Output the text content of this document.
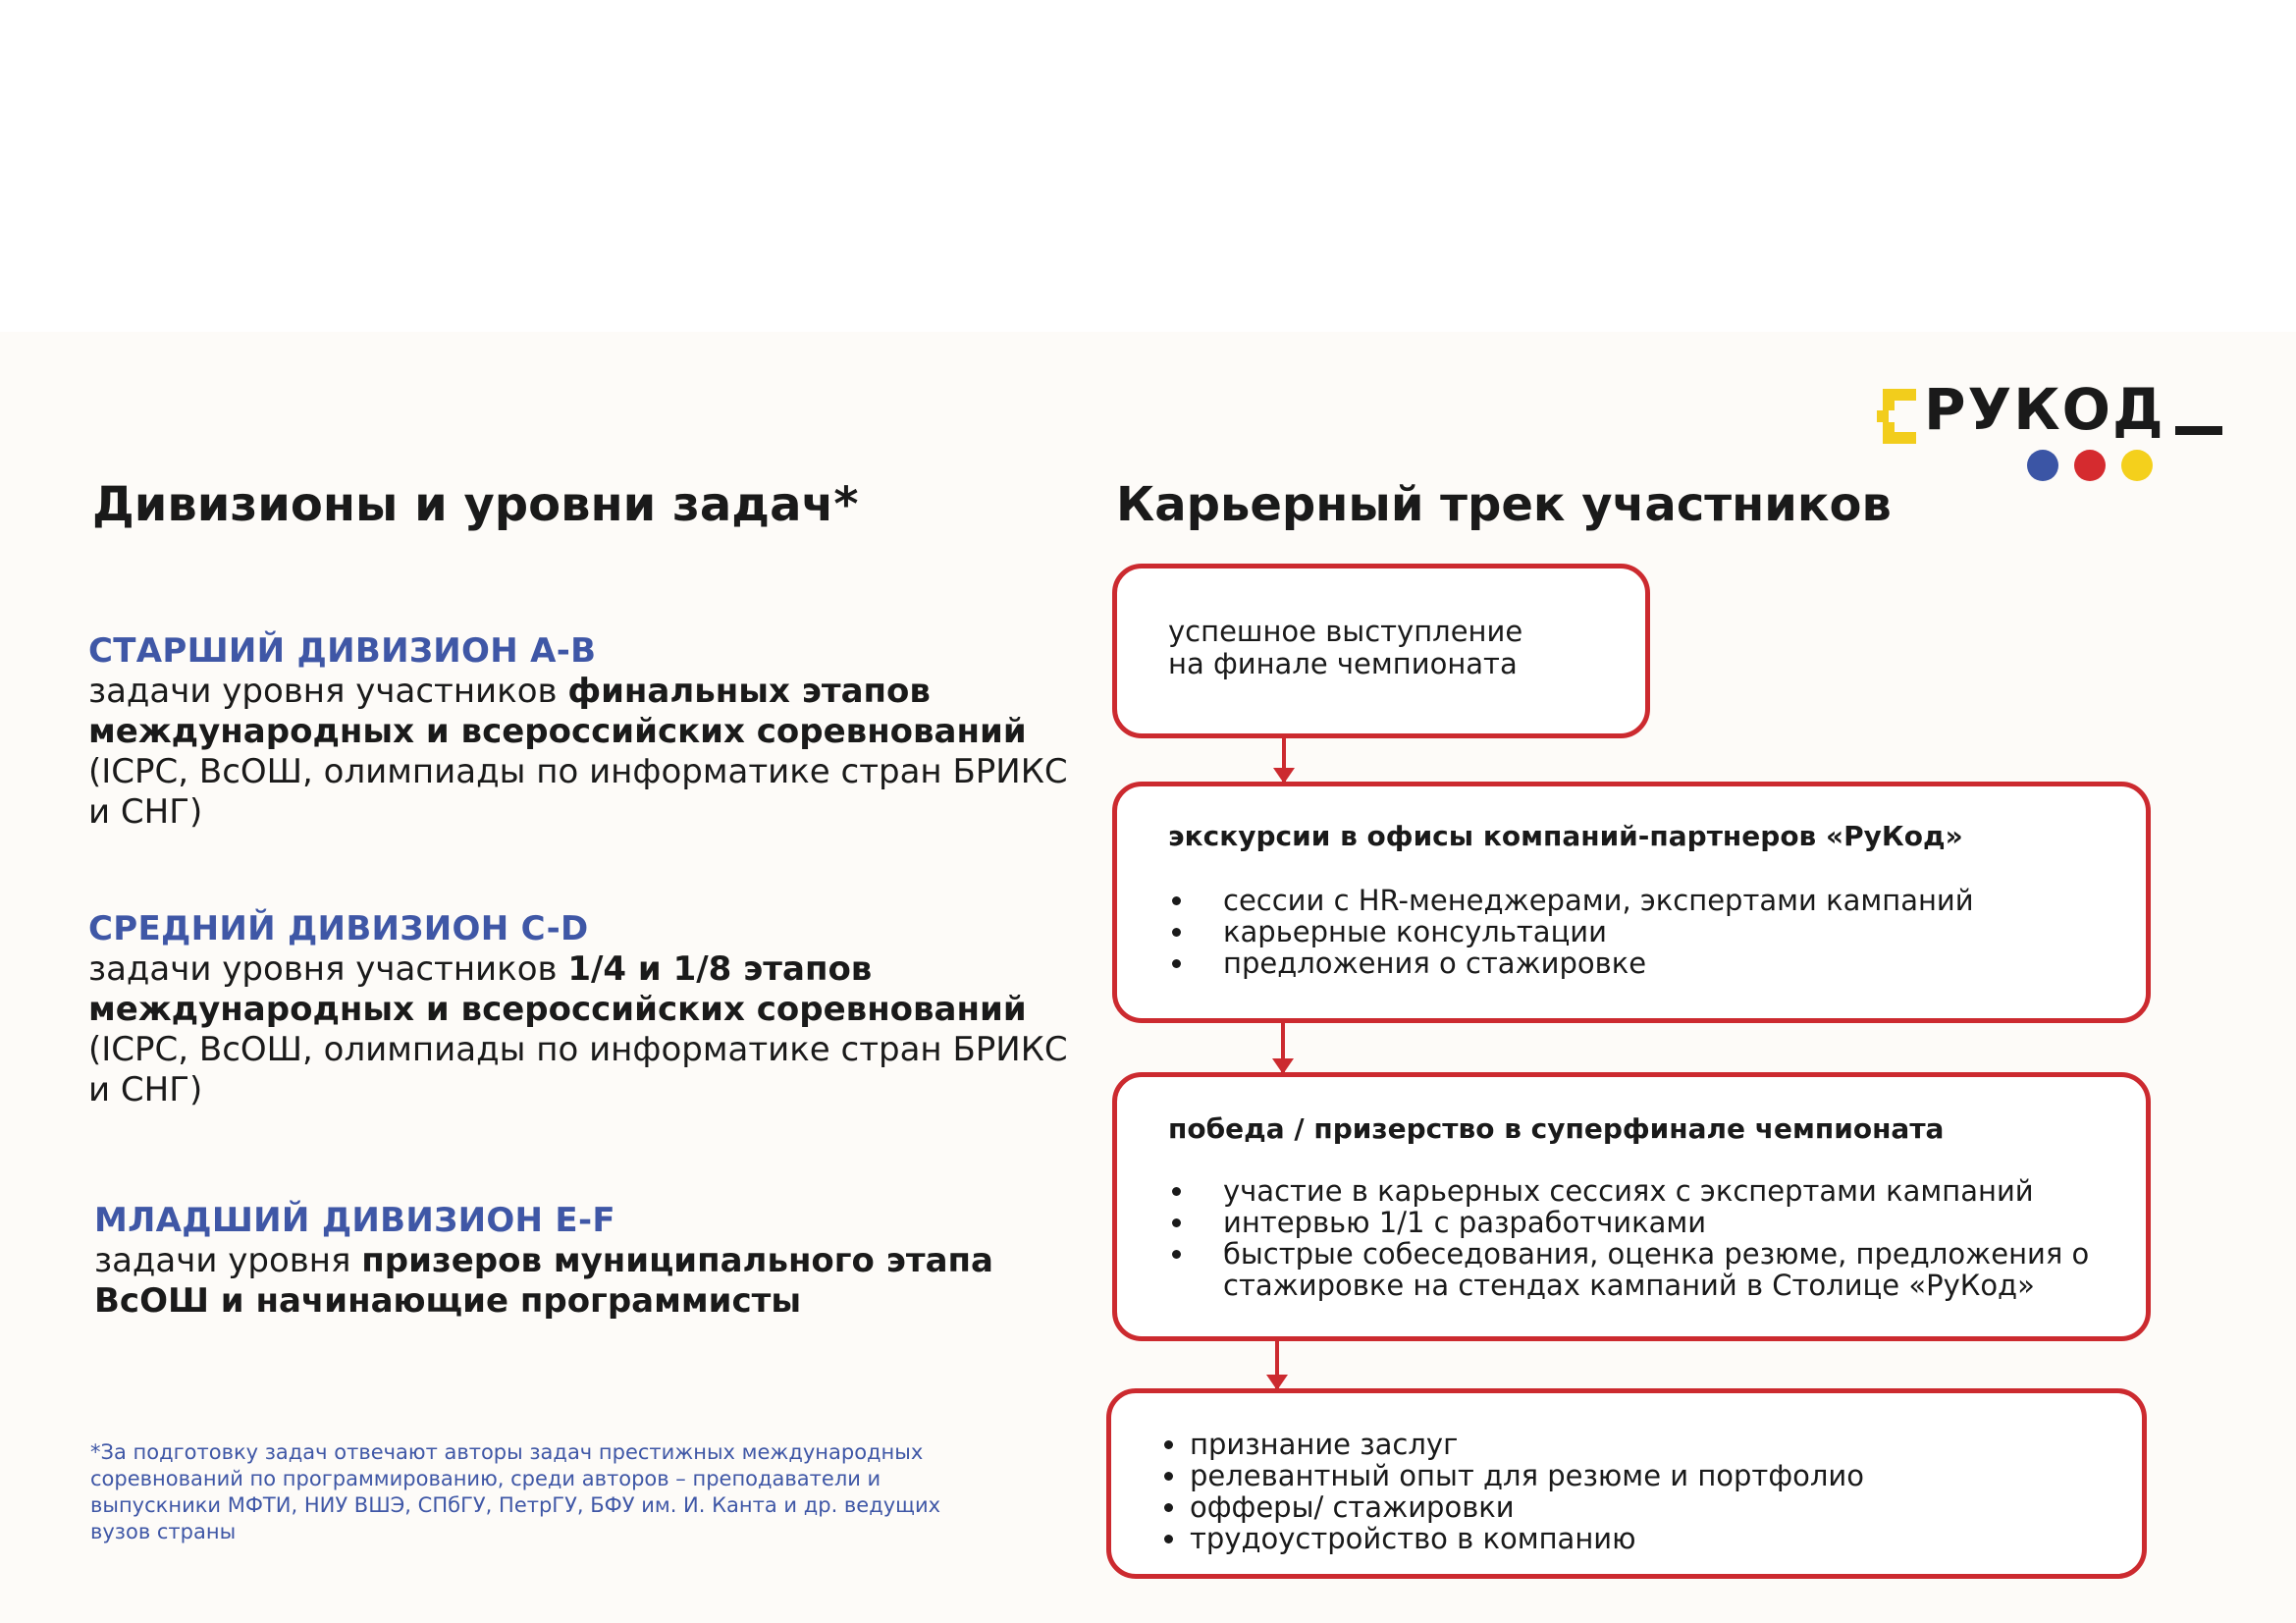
РУКОД
Дивизионы и уровни задач*
СТАРШИЙ ДИВИЗИОН A-B
задачи уровня участников финальных этапов международных и всероссийских соревнований (ICPC, ВсОШ, олимпиады по информатике стран БРИКС и СНГ)
СРЕДНИЙ ДИВИЗИОН C-D
задачи уровня участников 1/4 и 1/8 этапов международных и всероссийских соревнований (ICPC, ВсОШ, олимпиады по информатике стран БРИКС и СНГ)
МЛАДШИЙ ДИВИЗИОН E-F
задачи уровня призеров муниципального этапа ВсОШ и начинающие программисты
*За подготовку задач отвечают авторы задач престижных международных соревнований по программированию, среди авторов – преподаватели и выпускники МФТИ, НИУ ВШЭ, СПбГУ, ПетрГУ, БФУ им. И. Канта и др. ведущих вузов страны
Карьерный трек участников
успешное выступление
на финале чемпионата
экскурсии в офисы компаний-партнеров «РуКод»
сессии с HR-менеджерами, экспертами кампаний
карьерные консультации
предложения о стажировке
победа / призерство в суперфинале чемпионата
участие в карьерных сессиях с экспертами кампаний
интервью 1/1 с разработчиками
быстрые собеседования, оценка резюме, предложения о
стажировке на стендах кампаний в Столице «РуКод»
признание заслуг
релевантный опыт для резюме и портфолио
офферы/ стажировки
трудоустройство в компанию
